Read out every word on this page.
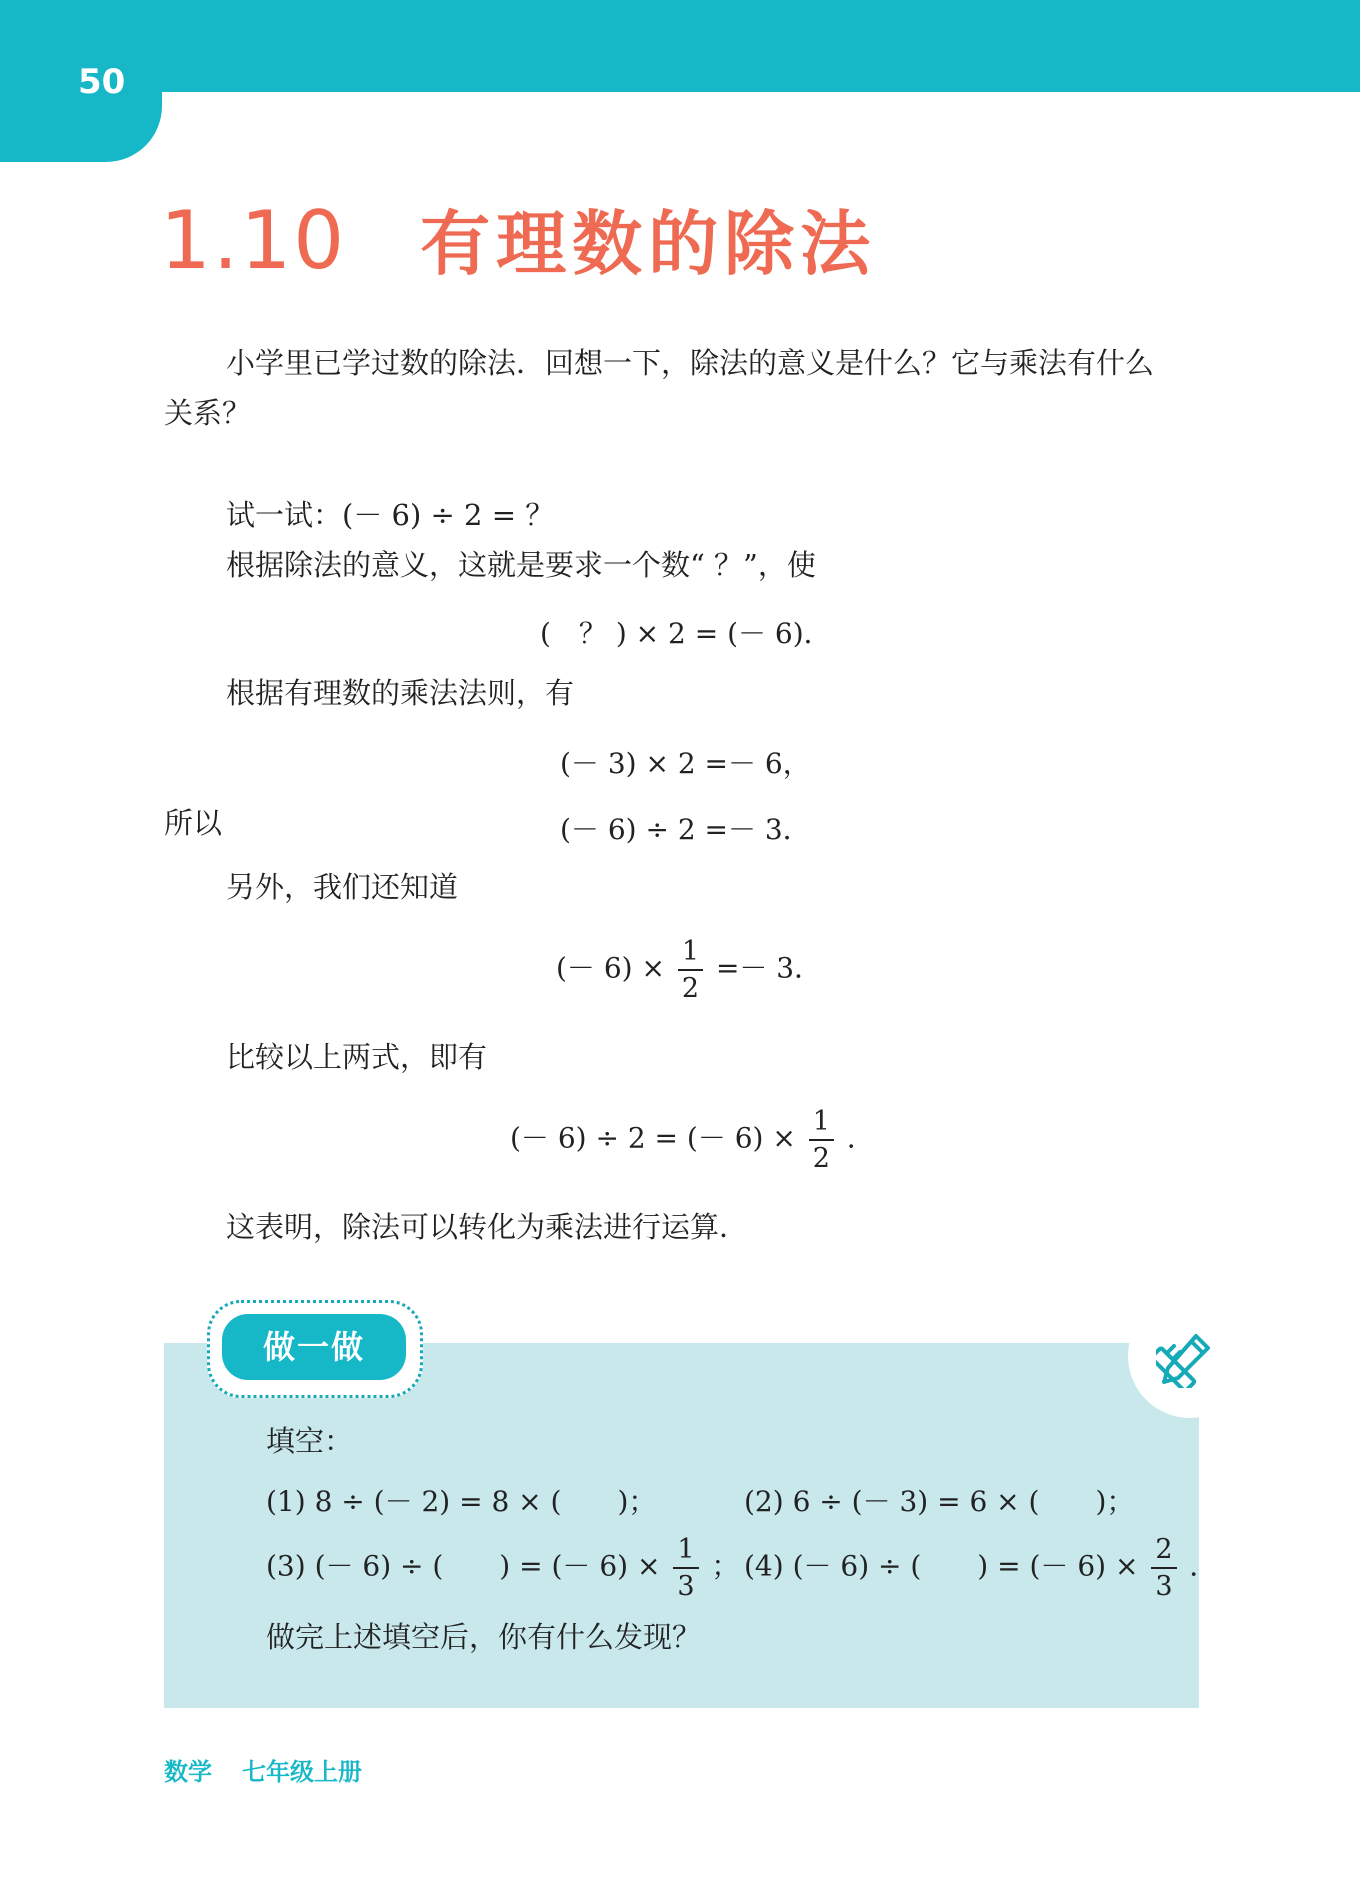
50
1.10 有理数的除法
小学里已学过数的除法．回想一下，除法的意义是什么？它与乘法有什么
关系？
试一试：(－ 6) ÷ 2 = ？
根据除法的意义，这就是要求一个数“ ？”，使
(　？ ) × 2 = (－ 6)．
根据有理数的乘法法则，有
(－ 3) × 2 =－ 6，
所以	(－ 6) ÷ 2 =－ 3．
另外，我们还知道
(－ $6) \times \frac{1}{2} =- 3$．
比较以上两式，即有
(－ 6) ÷ 2 = (－ $6) \times \frac{1}{2}$ ．
这表明，除法可以转化为乘法进行运算．
做一做
填空：
(1) 8 ÷ (－ 2) = 8 × (　　)；	(2) 6 ÷ (－ 3) = 6 × (　　)；
(3) (－ 6) ÷ (　　) = (－ $6) \times \frac{1}{3}$ ； (4) (－ 6) ÷ (　　) = (－ $6) \times \frac{2}{3}$ ．
做完上述填空后，你有什么发现？
数学 七年级上册
